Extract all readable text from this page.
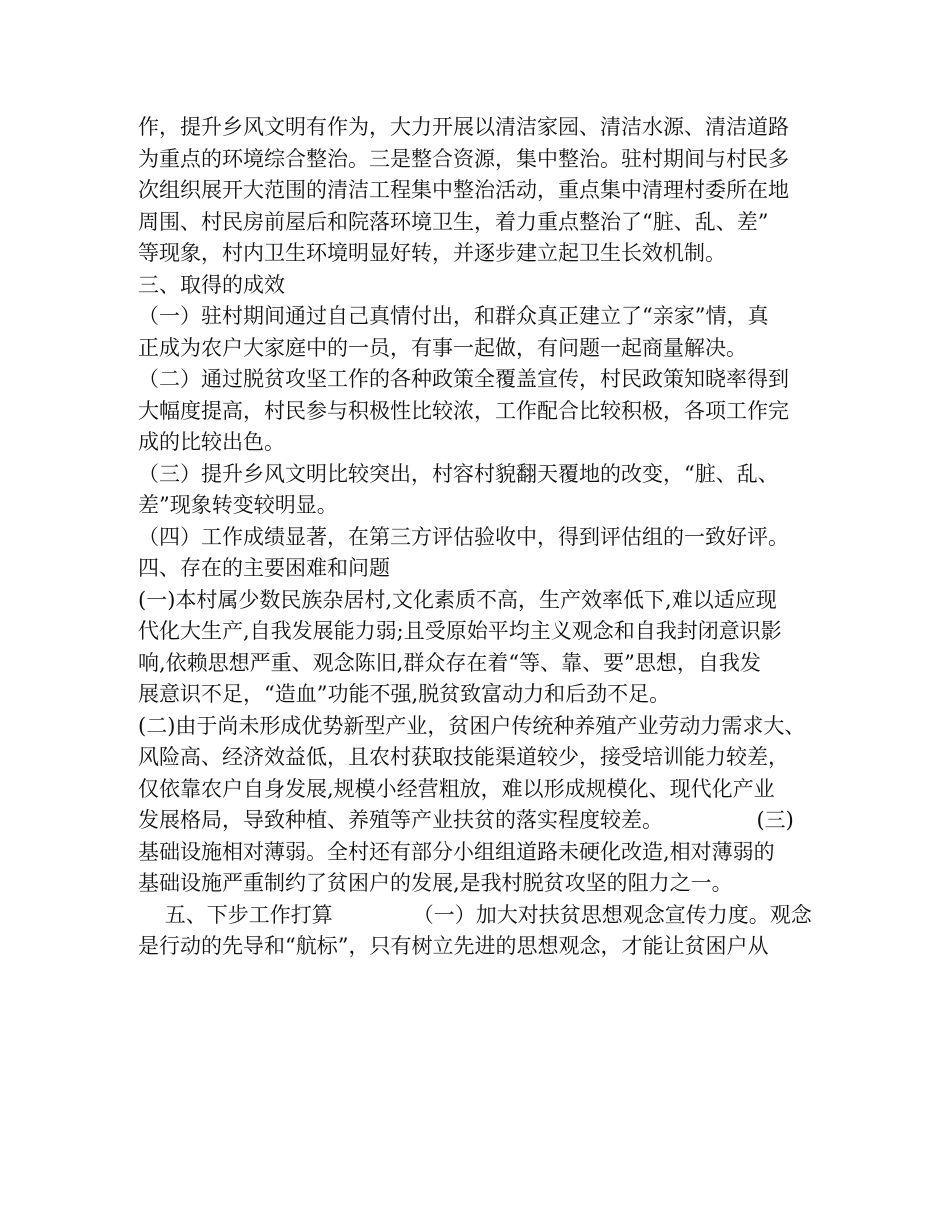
作，提升乡风文明有作为，大力开展以清洁家园、清洁水源、清洁道路
为重点的环境综合整治。三是整合资源，集中整治。驻村期间与村民多
次组织展开大范围的清洁工程集中整治活动，重点集中清理村委所在地
周围、村民房前屋后和院落环境卫生，着力重点整治了“脏、乱、差”
等现象，村内卫生环境明显好转，并逐步建立起卫生长效机制。
三、取得的成效
（一）驻村期间通过自己真情付出，和群众真正建立了“亲家”情，真
正成为农户大家庭中的一员，有事一起做，有问题一起商量解决。
（二）通过脱贫攻坚工作的各种政策全覆盖宣传，村民政策知晓率得到
大幅度提高，村民参与积极性比较浓，工作配合比较积极，各项工作完
成的比较出色。
（三）提升乡风文明比较突出，村容村貌翻天覆地的改变，“脏、乱、
差”现象转变较明显。
（四）工作成绩显著，在第三方评估验收中，得到评估组的一致好评。
四、存在的主要困难和问题
(一)本村属少数民族杂居村,文化素质不高，生产效率低下,难以适应现
代化大生产,自我发展能力弱;且受原始平均主义观念和自我封闭意识影
响,依赖思想严重、观念陈旧,群众存在着“等、靠、要”思想，自我发
展意识不足，“造血”功能不强,脱贫致富动力和后劲不足。
(二)由于尚未形成优势新型产业，贫困户传统种养殖产业劳动力需求大、
风险高、经济效益低，且农村获取技能渠道较少，接受培训能力较差，
仅依靠农户自身发展,规模小经营粗放，难以形成规模化、现代化产业
发展格局，导致种植、养殖等产业扶贫的落实程度较差。              (三)
基础设施相对薄弱。全村还有部分小组组道路未硬化改造,相对薄弱的
基础设施严重制约了贫困户的发展,是我村脱贫攻坚的阻力之一。
五、下步工作打算            （一）加大对扶贫思想观念宣传力度。观念
是行动的先导和“航标”，只有树立先进的思想观念，才能让贫困户从
